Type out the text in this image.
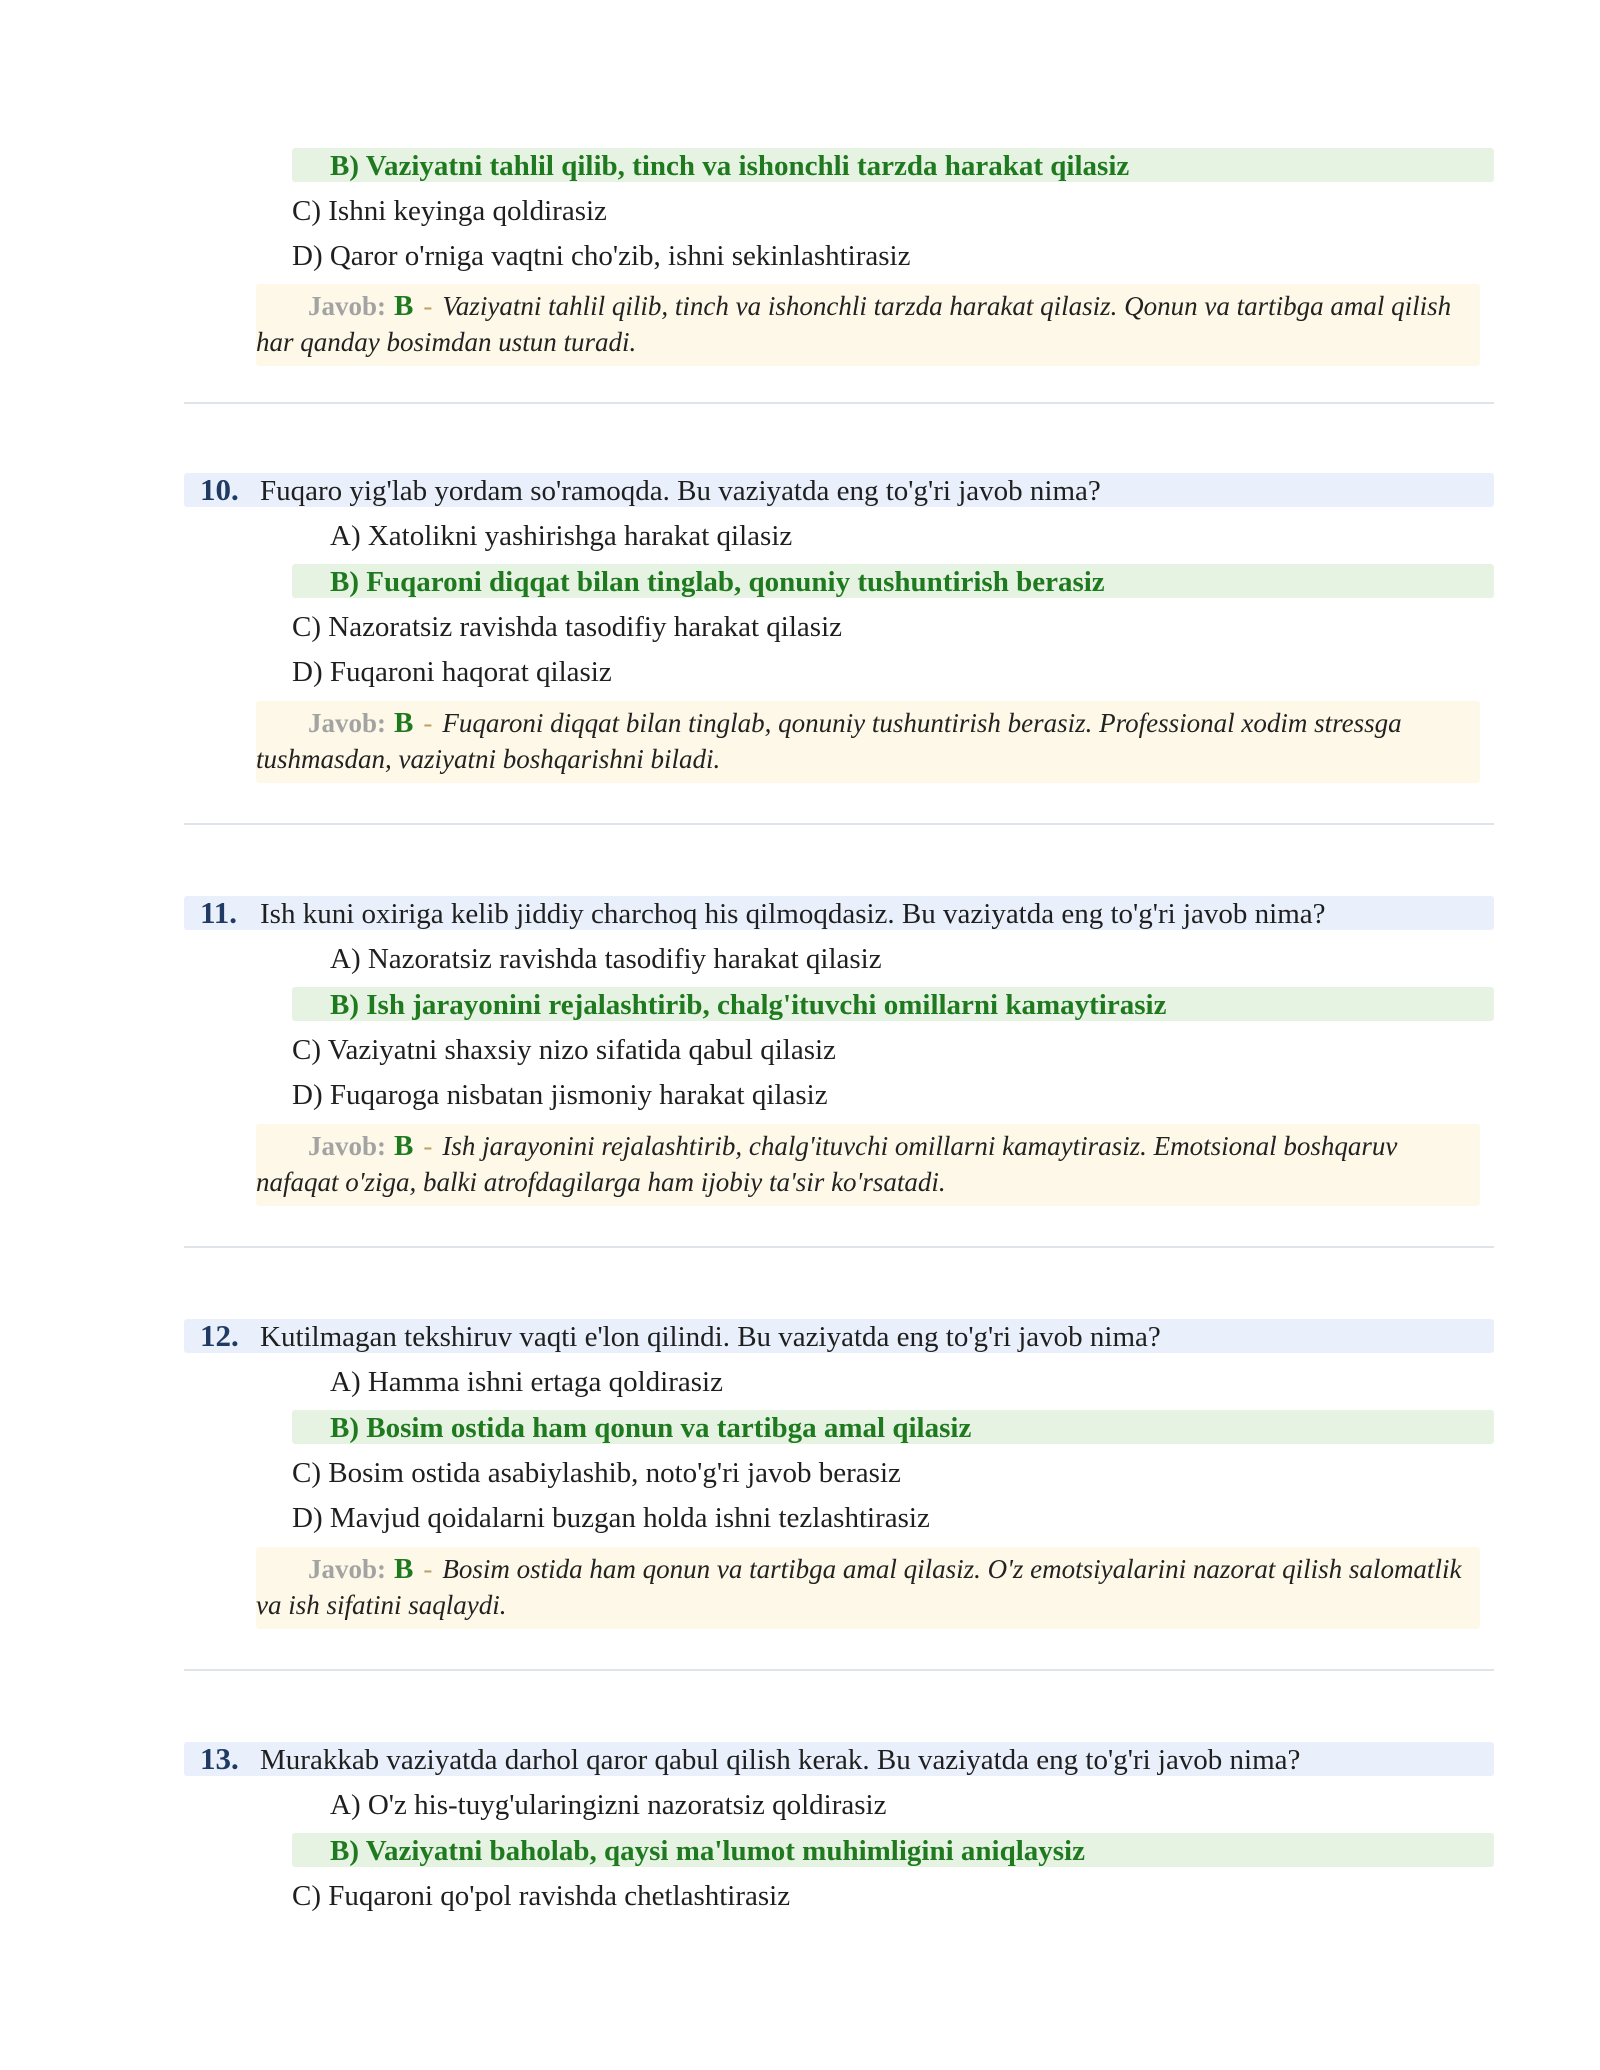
B) Vaziyatni tahlil qilib, tinch va ishonchli tarzda harakat qilasiz
C) Ishni keyinga qoldirasiz
D) Qaror o'rniga vaqtni cho'zib, ishni sekinlashtirasiz
Javob: B - Vaziyatni tahlil qilib, tinch va ishonchli tarzda harakat qilasiz. Qonun va tartibga amal qilish har qanday bosimdan ustun turadi.
10. Fuqaro yig'lab yordam so'ramoqda. Bu vaziyatda eng to'g'ri javob nima?
A) Xatolikni yashirishga harakat qilasiz
B) Fuqaroni diqqat bilan tinglab, qonuniy tushuntirish berasiz
C) Nazoratsiz ravishda tasodifiy harakat qilasiz
D) Fuqaroni haqorat qilasiz
Javob: B - Fuqaroni diqqat bilan tinglab, qonuniy tushuntirish berasiz. Professional xodim stressga tushmasdan, vaziyatni boshqarishni biladi.
11. Ish kuni oxiriga kelib jiddiy charchoq his qilmoqdasiz. Bu vaziyatda eng to'g'ri javob nima?
A) Nazoratsiz ravishda tasodifiy harakat qilasiz
B) Ish jarayonini rejalashtirib, chalg'ituvchi omillarni kamaytirasiz
C) Vaziyatni shaxsiy nizo sifatida qabul qilasiz
D) Fuqaroga nisbatan jismoniy harakat qilasiz
Javob: B - Ish jarayonini rejalashtirib, chalg'ituvchi omillarni kamaytirasiz. Emotsional boshqaruv nafaqat o'ziga, balki atrofdagilarga ham ijobiy ta'sir ko'rsatadi.
12. Kutilmagan tekshiruv vaqti e'lon qilindi. Bu vaziyatda eng to'g'ri javob nima?
A) Hamma ishni ertaga qoldirasiz
B) Bosim ostida ham qonun va tartibga amal qilasiz
C) Bosim ostida asabiylashib, noto'g'ri javob berasiz
D) Mavjud qoidalarni buzgan holda ishni tezlashtirasiz
Javob: B - Bosim ostida ham qonun va tartibga amal qilasiz. O'z emotsiyalarini nazorat qilish salomatlik va ish sifatini saqlaydi.
13. Murakkab vaziyatda darhol qaror qabul qilish kerak. Bu vaziyatda eng to'g'ri javob nima?
A) O'z his-tuyg'ularingizni nazoratsiz qoldirasiz
B) Vaziyatni baholab, qaysi ma'lumot muhimligini aniqlaysiz
C) Fuqaroni qo'pol ravishda chetlashtirasiz
